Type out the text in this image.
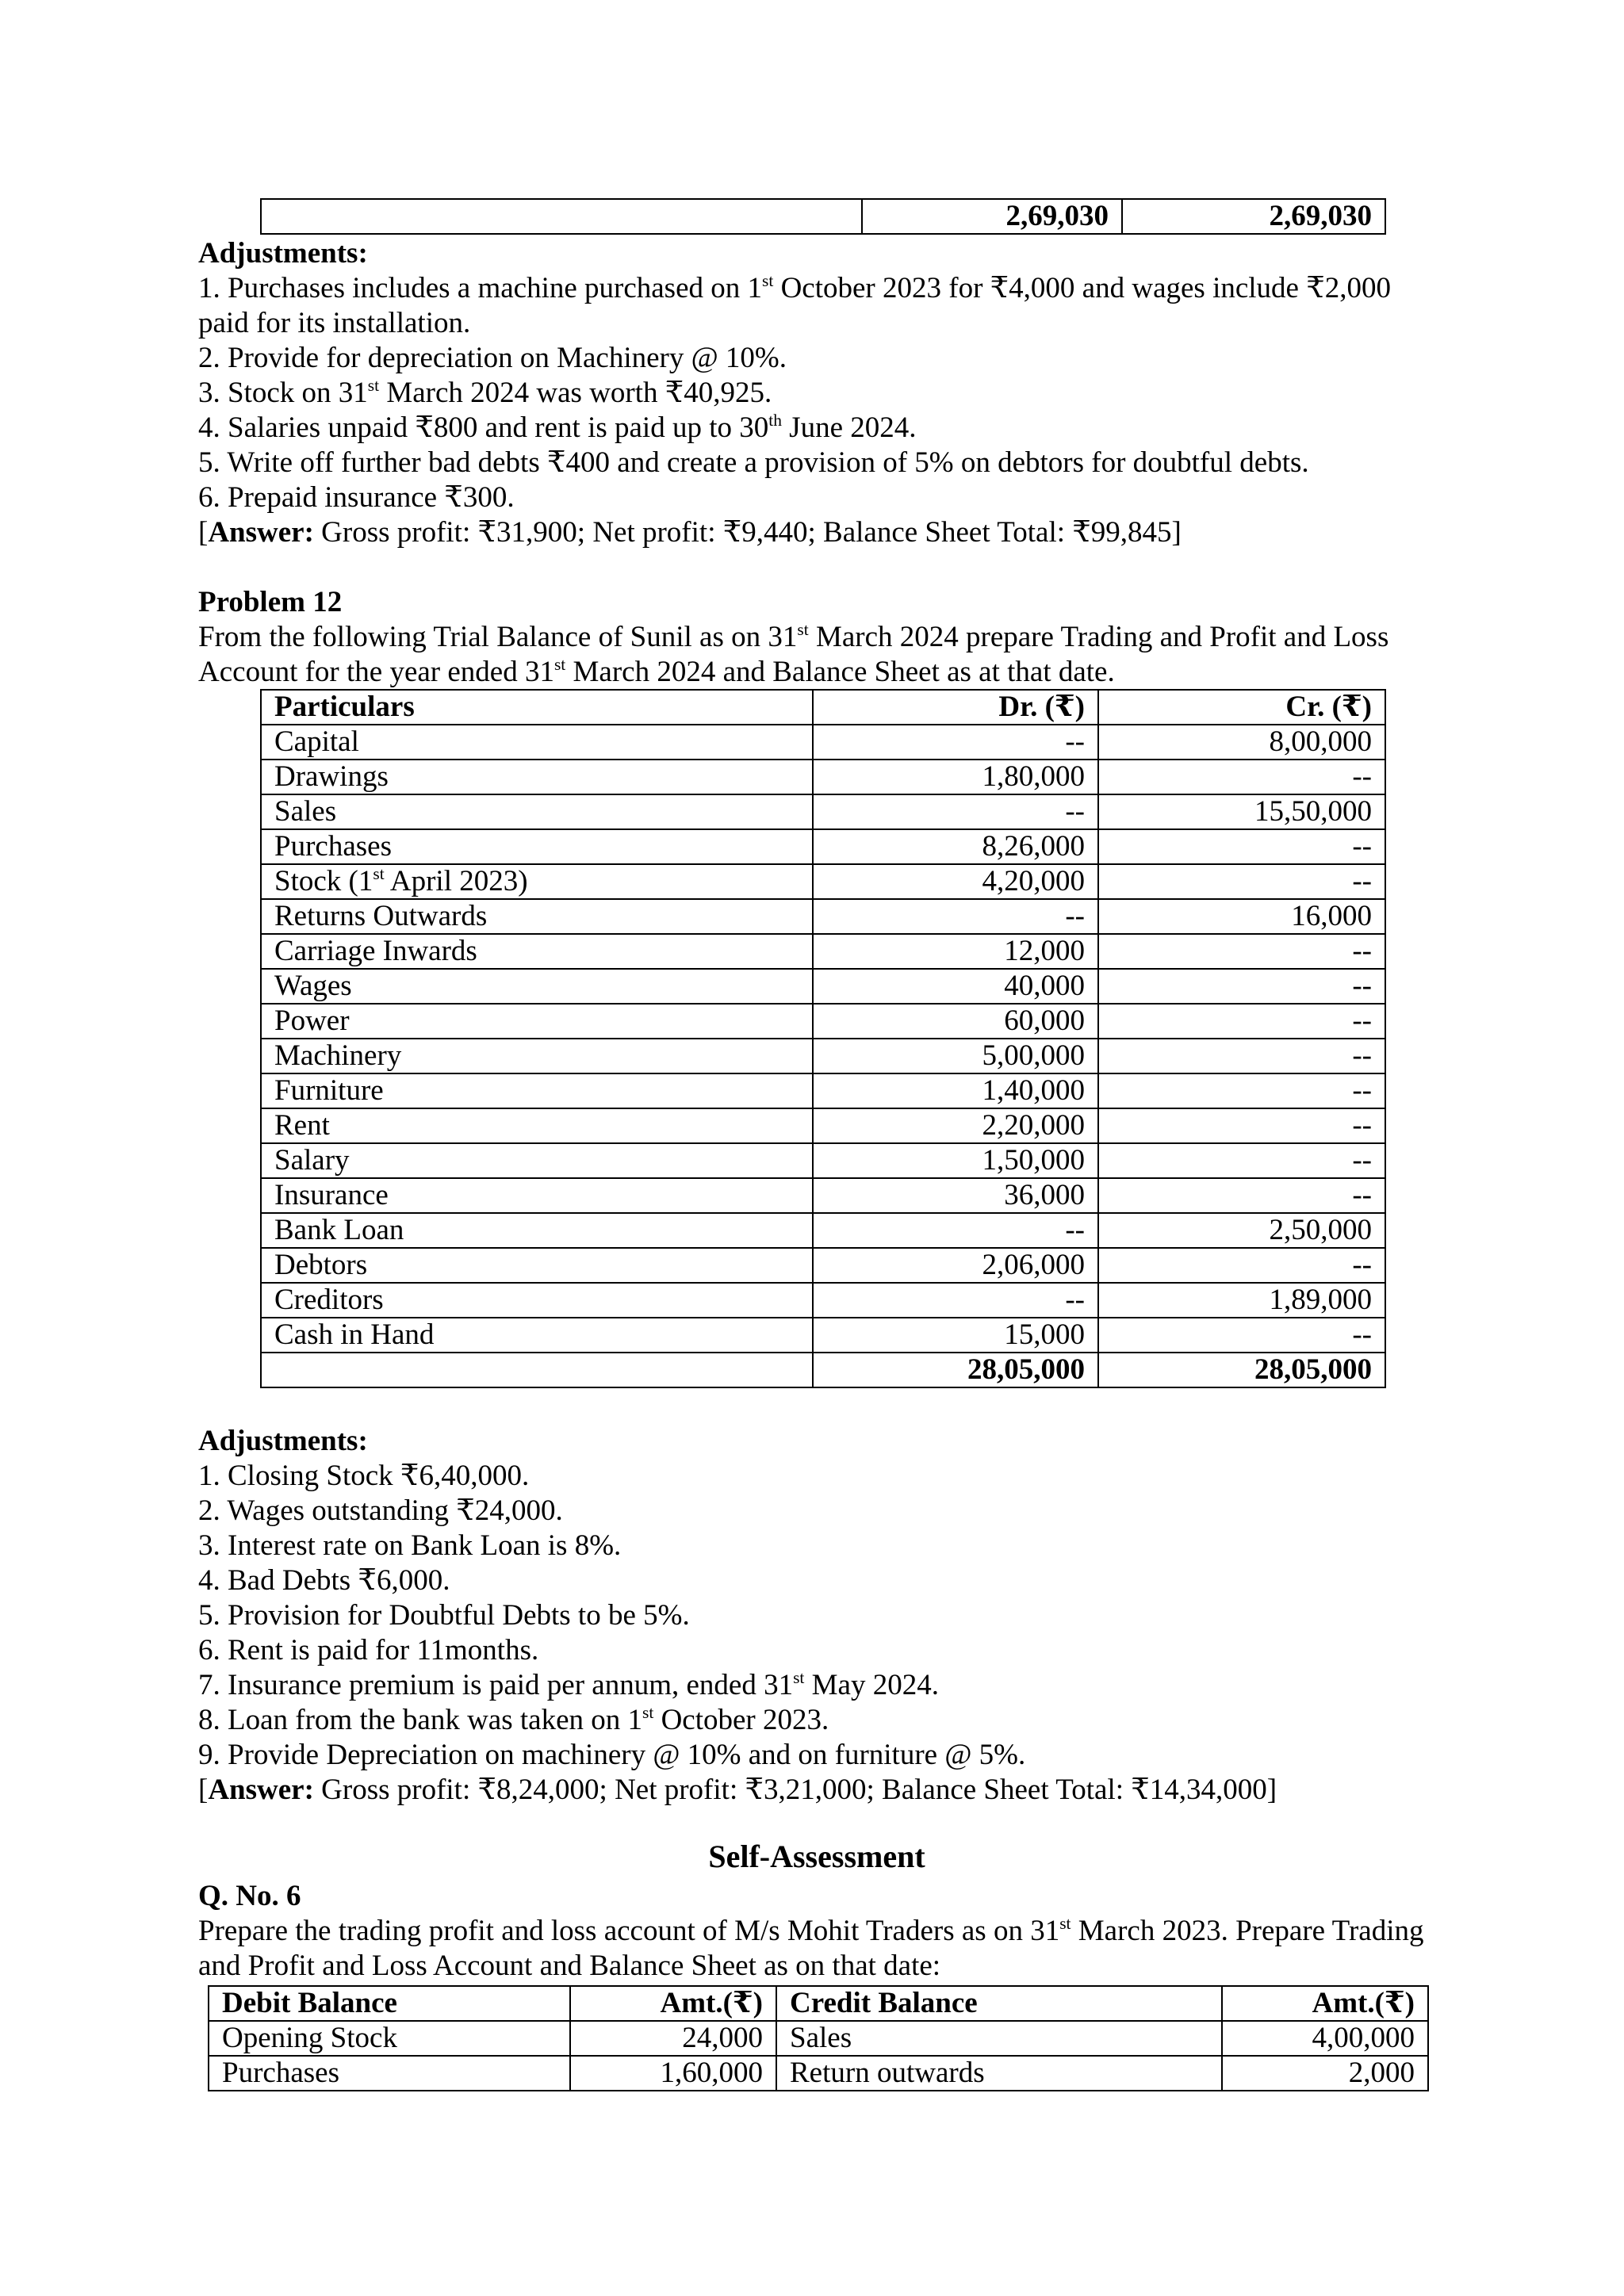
	2,69,030	2,69,030
Adjustments:
1. Purchases includes a machine purchased on 1st October 2023 for ₹4,000 and wages include ₹2,000
paid for its installation.
2. Provide for depreciation on Machinery @ 10%.
3. Stock on 31st March 2024 was worth ₹40,925.
4. Salaries unpaid ₹800 and rent is paid up to 30th June 2024.
5. Write off further bad debts ₹400 and create a provision of 5% on debtors for doubtful debts.
6. Prepaid insurance ₹300.
[Answer: Gross profit: ₹31,900; Net profit: ₹9,440; Balance Sheet Total: ₹99,845]
Problem 12
From the following Trial Balance of Sunil as on 31st March 2024 prepare Trading and Profit and Loss
Account for the year ended 31st March 2024 and Balance Sheet as at that date.
Particulars	Dr. (₹)	Cr. (₹)
Capital	--	8,00,000
Drawings	1,80,000	--
Sales	--	15,50,000
Purchases	8,26,000	--
Stock (1st April 2023)	4,20,000	--
Returns Outwards	--	16,000
Carriage Inwards	12,000	--
Wages	40,000	--
Power	60,000	--
Machinery	5,00,000	--
Furniture	1,40,000	--
Rent	2,20,000	--
Salary	1,50,000	--
Insurance	36,000	--
Bank Loan	--	2,50,000
Debtors	2,06,000	--
Creditors	--	1,89,000
Cash in Hand	15,000	--
	28,05,000	28,05,000
Adjustments:
1. Closing Stock ₹6,40,000.
2. Wages outstanding ₹24,000.
3. Interest rate on Bank Loan is 8%.
4. Bad Debts ₹6,000.
5. Provision for Doubtful Debts to be 5%.
6. Rent is paid for 11months.
7. Insurance premium is paid per annum, ended 31st May 2024.
8. Loan from the bank was taken on 1st October 2023.
9. Provide Depreciation on machinery @ 10% and on furniture @ 5%.
[Answer: Gross profit: ₹8,24,000; Net profit: ₹3,21,000; Balance Sheet Total: ₹14,34,000]
Self-Assessment
Q. No. 6
Prepare the trading profit and loss account of M/s Mohit Traders as on 31st March 2023. Prepare Trading
and Profit and Loss Account and Balance Sheet as on that date:
Debit Balance	Amt.(₹)	Credit Balance	Amt.(₹)
Opening Stock	24,000	Sales	4,00,000
Purchases	1,60,000	Return outwards	2,000
